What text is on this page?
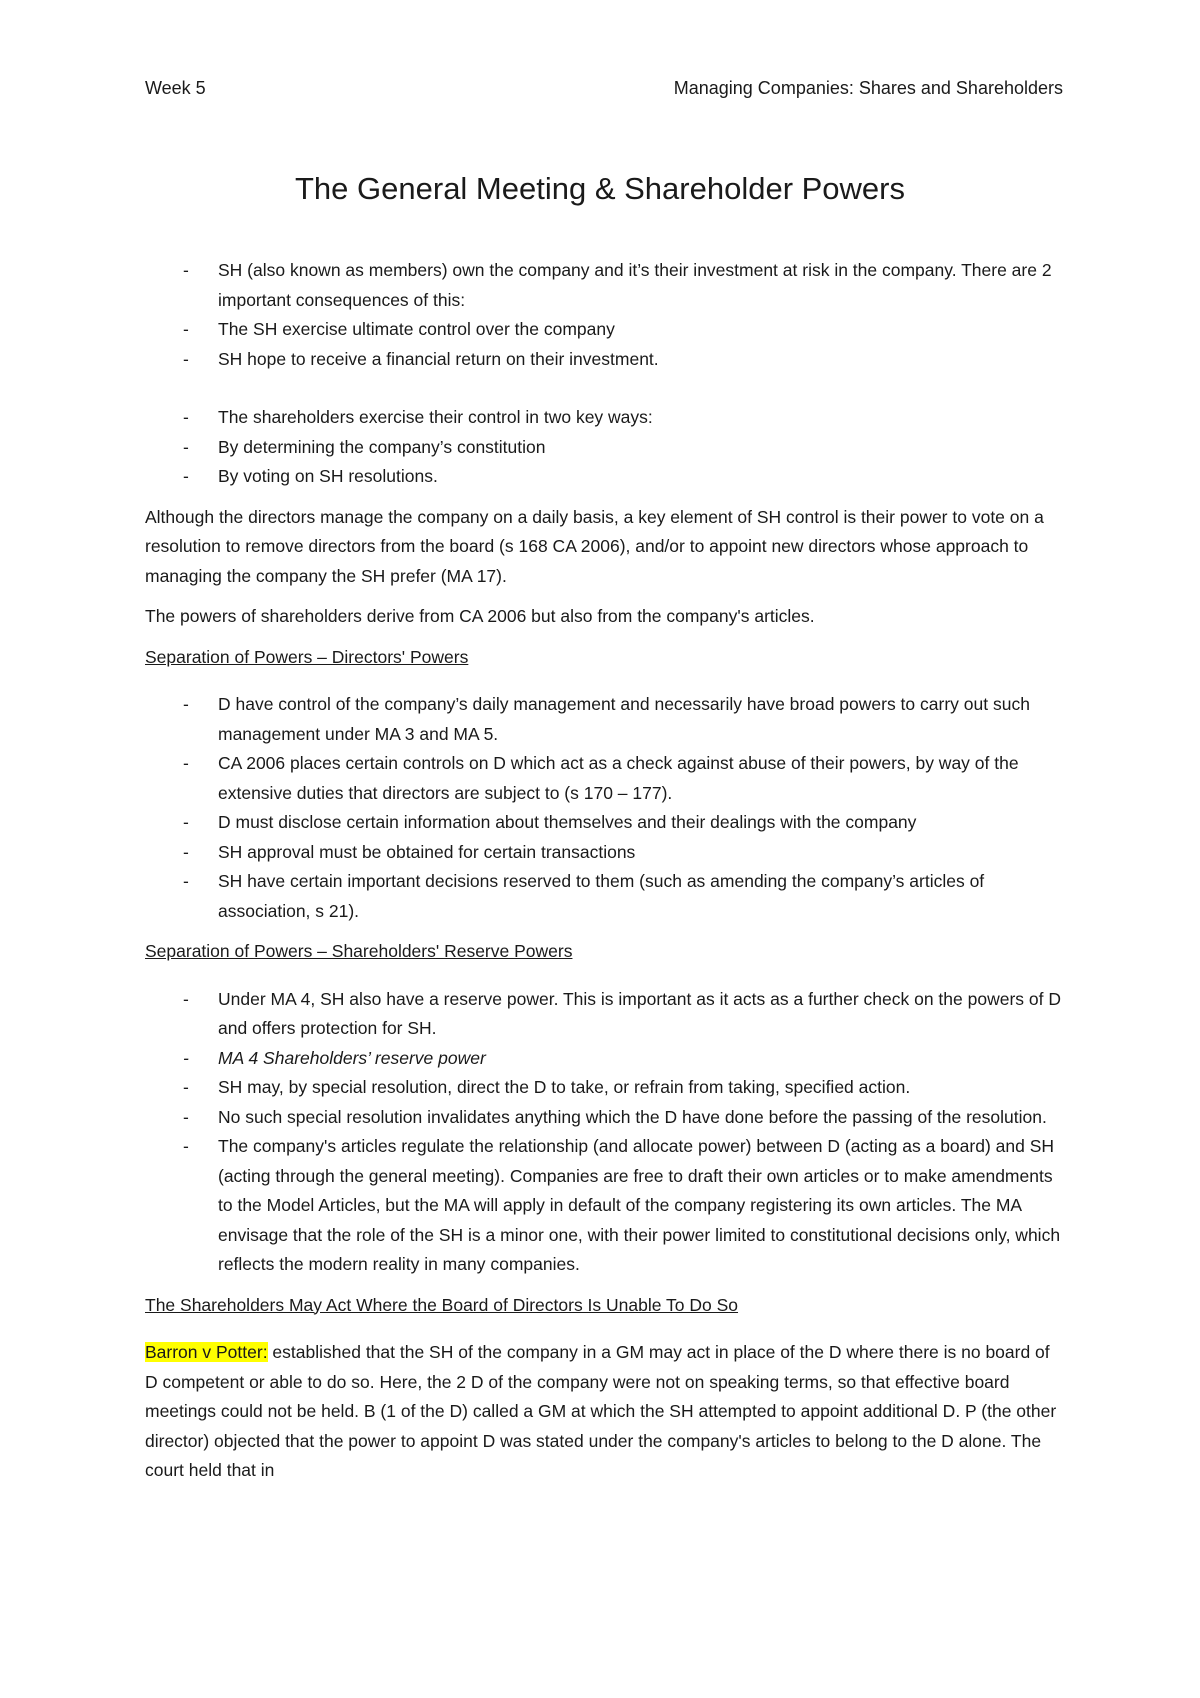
Week 5	Managing Companies: Shares and Shareholders
The General Meeting & Shareholder Powers
- SH (also known as members) own the company and it’s their investment at risk in the company. There are 2 important consequences of this:
- The SH exercise ultimate control over the company
- SH hope to receive a financial return on their investment.
- The shareholders exercise their control in two key ways:
- By determining the company’s constitution
- By voting on SH resolutions.

Although the directors manage the company on a daily basis, a key element of SH control is their power to vote on a resolution to remove directors from the board (s 168 CA 2006), and/or to appoint new directors whose approach to managing the company the SH prefer (MA 17).

The powers of shareholders derive from CA 2006 but also from the company's articles.

Separation of Powers – Directors' Powers

- D have control of the company’s daily management and necessarily have broad powers to carry out such management under MA 3 and MA 5.
- CA 2006 places certain controls on D which act as a check against abuse of their powers, by way of the extensive duties that directors are subject to (s 170 – 177).
- D must disclose certain information about themselves and their dealings with the company
- SH approval must be obtained for certain transactions
- SH have certain important decisions reserved to them (such as amending the company’s articles of association, s 21).

Separation of Powers – Shareholders' Reserve Powers

- Under MA 4, SH also have a reserve power. This is important as it acts as a further check on the powers of D and offers protection for SH.
- MA 4 Shareholders’ reserve power
- SH may, by special resolution, direct the D to take, or refrain from taking, specified action.
- No such special resolution invalidates anything which the D have done before the passing of the resolution.
- The company's articles regulate the relationship (and allocate power) between D (acting as a board) and SH (acting through the general meeting). Companies are free to draft their own articles or to make amendments to the Model Articles, but the MA will apply in default of the company registering its own articles. The MA envisage that the role of the SH is a minor one, with their power limited to constitutional decisions only, which reflects the modern reality in many companies.

The Shareholders May Act Where the Board of Directors Is Unable To Do So

Barron v Potter: established that the SH of the company in a GM may act in place of the D where there is no board of D competent or able to do so. Here, the 2 D of the company were not on speaking terms, so that effective board meetings could not be held. B (1 of the D) called a GM at which the SH attempted to appoint additional D. P (the other director) objected that the power to appoint D was stated under the company's articles to belong to the D alone. The court held that in
